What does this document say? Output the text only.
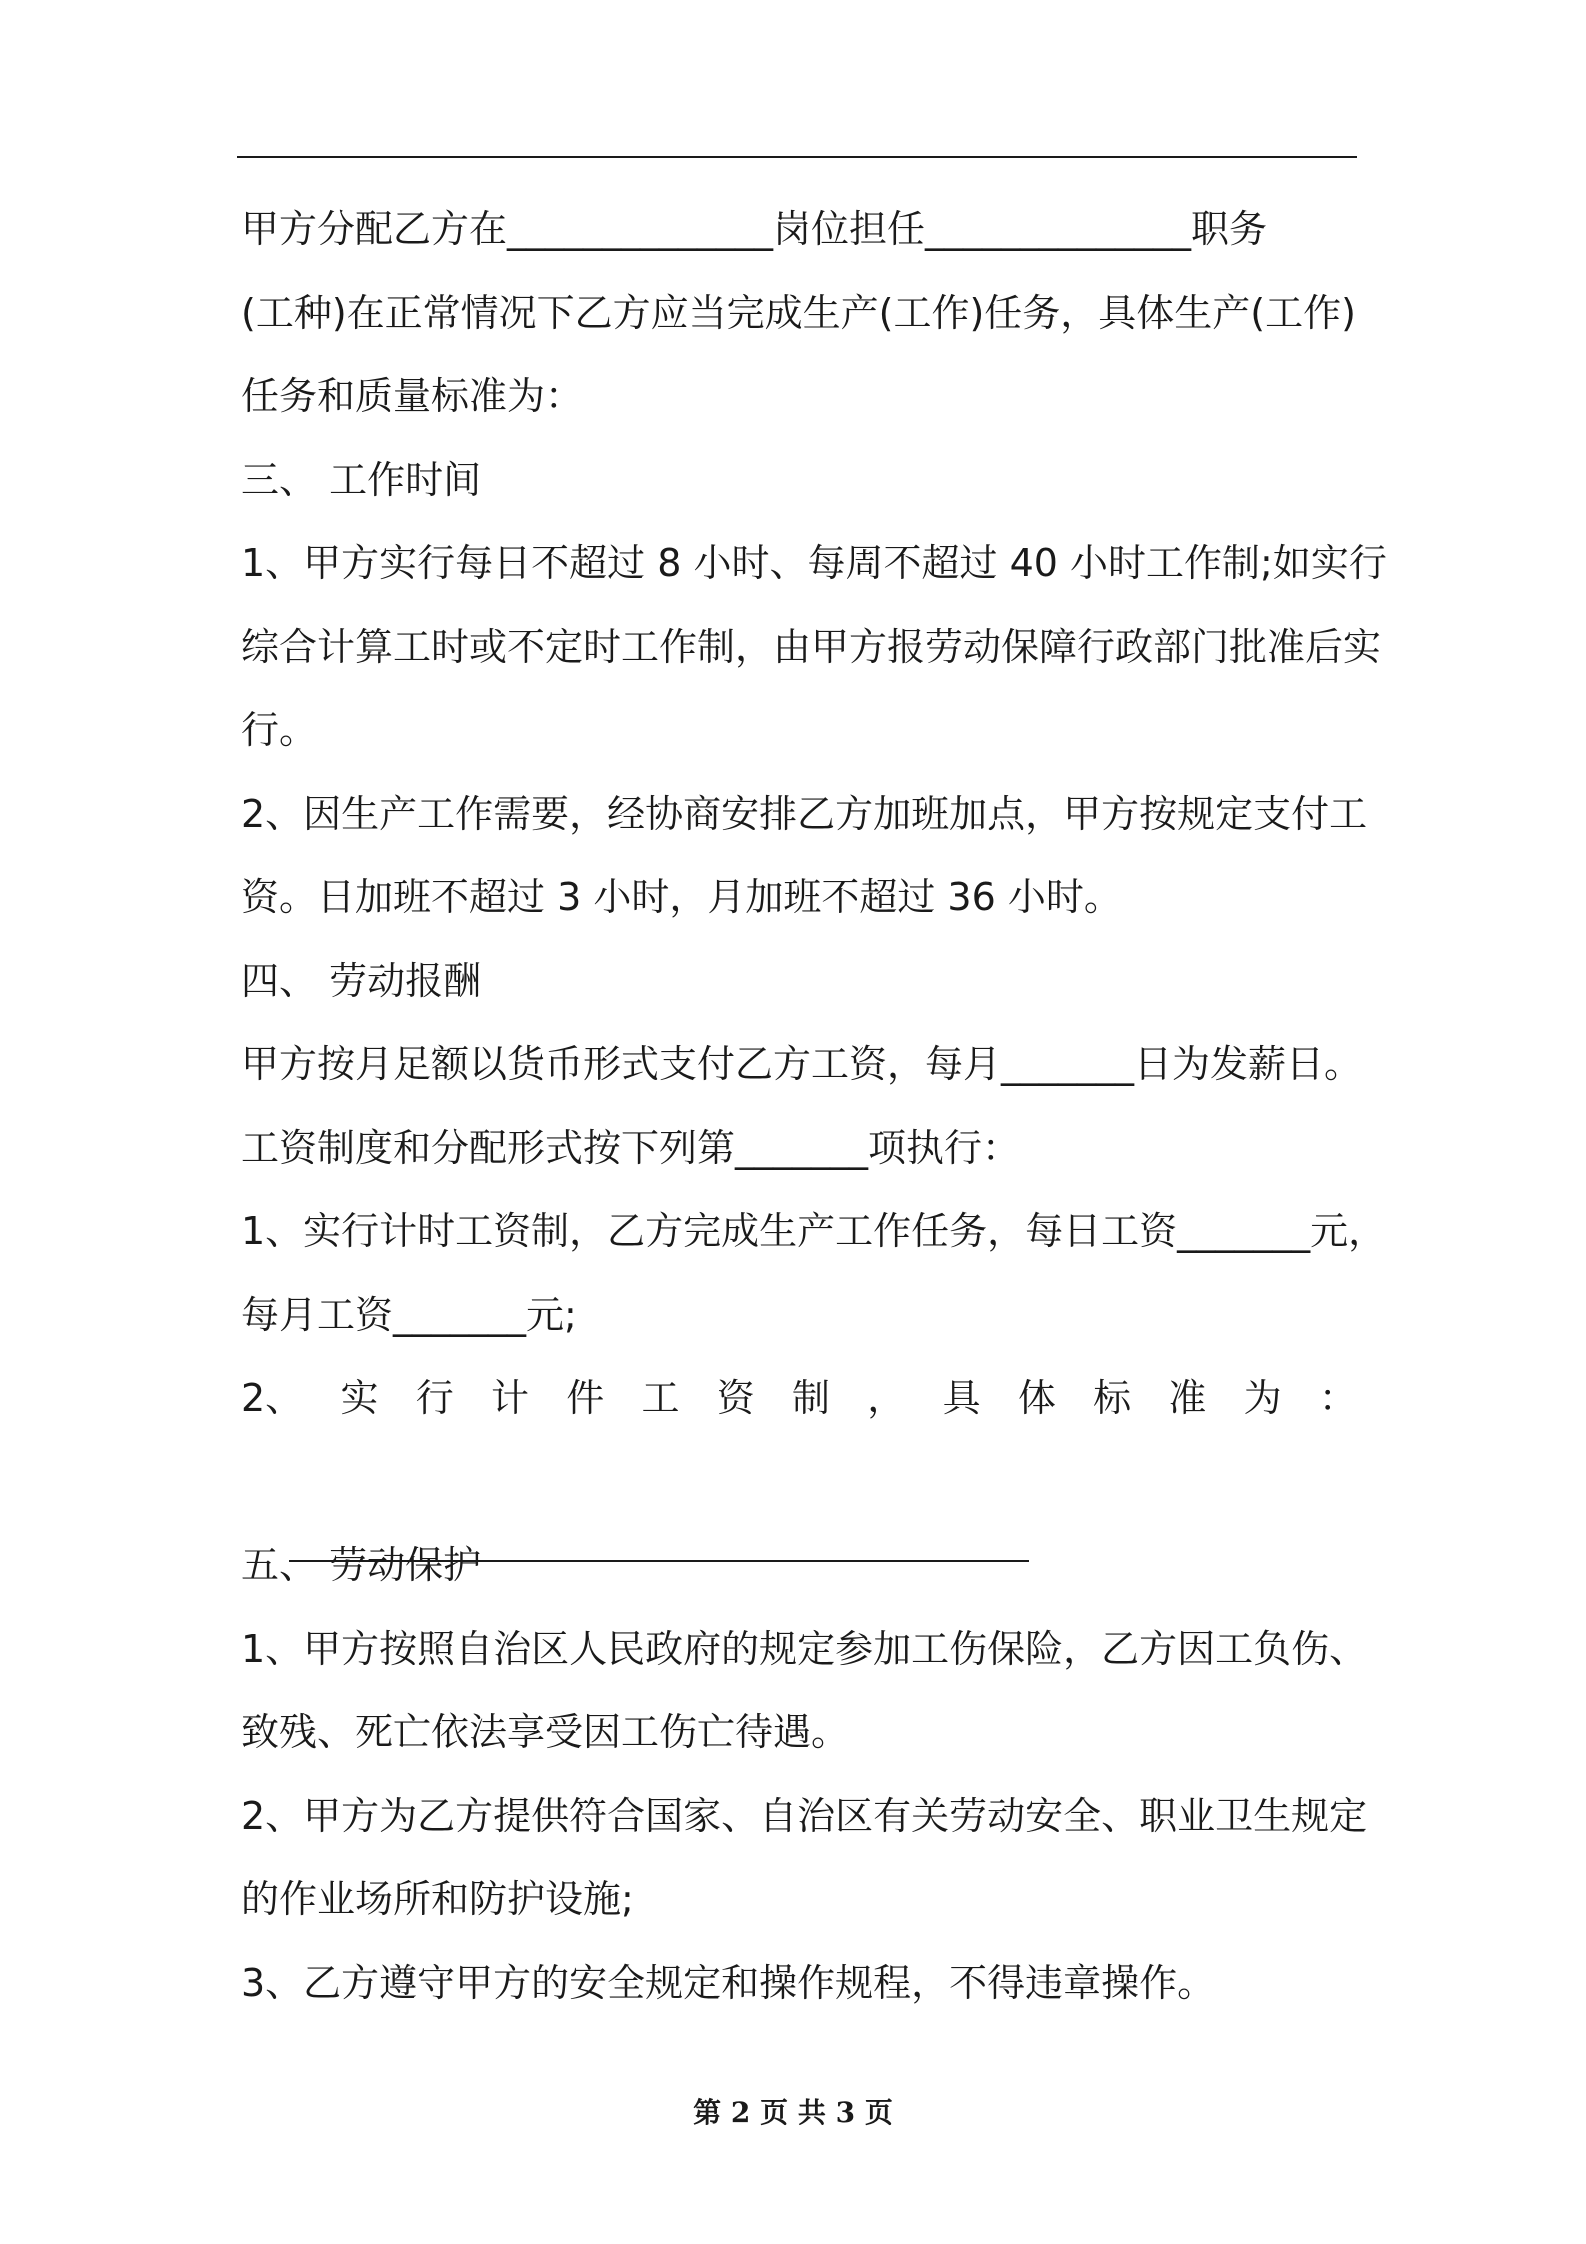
甲方分配乙方在______________岗位担任______________职务
(工种)在正常情况下乙方应当完成生产(工作)任务，具体生产(工作)
任务和质量标准为：
三、 工作时间
1、甲方实行每日不超过 8 小时、每周不超过 40 小时工作制;如实行
综合计算工时或不定时工作制，由甲方报劳动保障行政部门批准后实
行。
2、因生产工作需要，经协商安排乙方加班加点，甲方按规定支付工
资。日加班不超过 3 小时，月加班不超过 36 小时。
四、 劳动报酬
甲方按月足额以货币形式支付乙方工资，每月_______日为发薪日。
工资制度和分配形式按下列第_______项执行：
1、实行计时工资制，乙方完成生产工作任务，每日工资_______元，
每月工资_______元;
2、 实 行 计 件 工 资 制 ， 具 体 标 准 为 ：

五、 劳动保护
1、甲方按照自治区人民政府的规定参加工伤保险，乙方因工负伤、
致残、死亡依法享受因工伤亡待遇。
2、甲方为乙方提供符合国家、自治区有关劳动安全、职业卫生规定
的作业场所和防护设施;
3、乙方遵守甲方的安全规定和操作规程，不得违章操作。
第 2 页 共 3 页
